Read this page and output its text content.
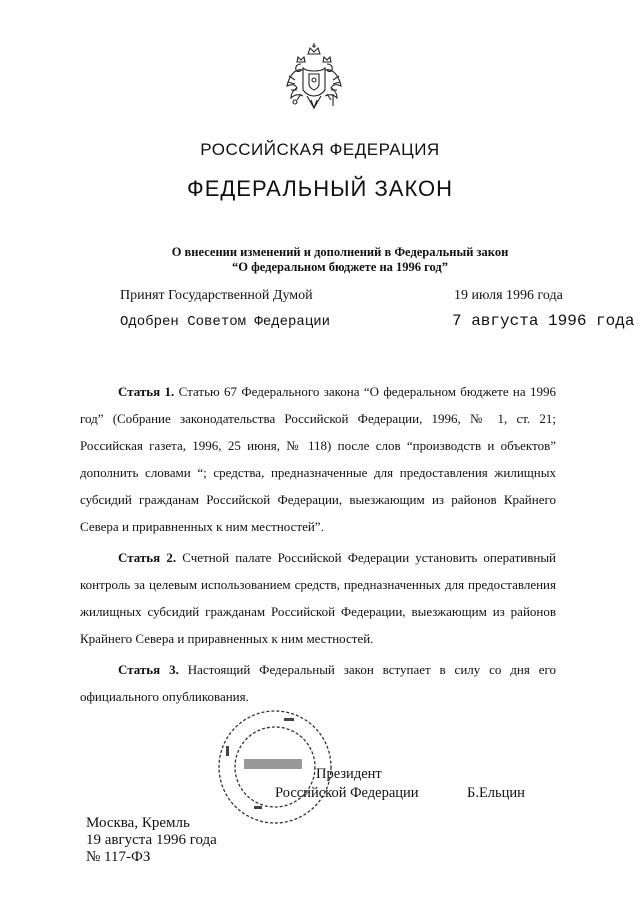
РОССИЙСКАЯ ФЕДЕРАЦИЯ
ФЕДЕРАЛЬНЫЙ ЗАКОН
О внесении изменений и дополнений в Федеральный закон
“О федеральном бюджете на 1996 год”
Принят Государственной Думой	19 июля 1996 года
Одобрен Советом Федерации	7 августа 1996 года

Статья 1. Статью 67 Федерального закона “О федеральном бюджете на 1996 год” (Собрание законодательства Российской Федерации, 1996, № 1, ст. 21; Российская газета, 1996, 25 июня, № 118) после слов “производств и объектов” дополнить словами “; средства, предназначенные для предоставления жилищных субсидий гражданам Российской Федерации, выезжающим из районов Крайнего Севера и приравненных к ним местностей”.

Статья 2. Счетной палате Российской Федерации установить оперативный контроль за целевым использованием средств, предназначенных для предоставления жилищных субсидий гражданам Российской Федерации, выезжающим из районов Крайнего Севера и приравненных к ним местностей.

Статья 3. Настоящий Федеральный закон вступает в силу со дня его официального опубликования.

Президент
Российской Федерации	Б.Ельцин
Москва, Кремль
19 августа 1996 года
№ 117-ФЗ
